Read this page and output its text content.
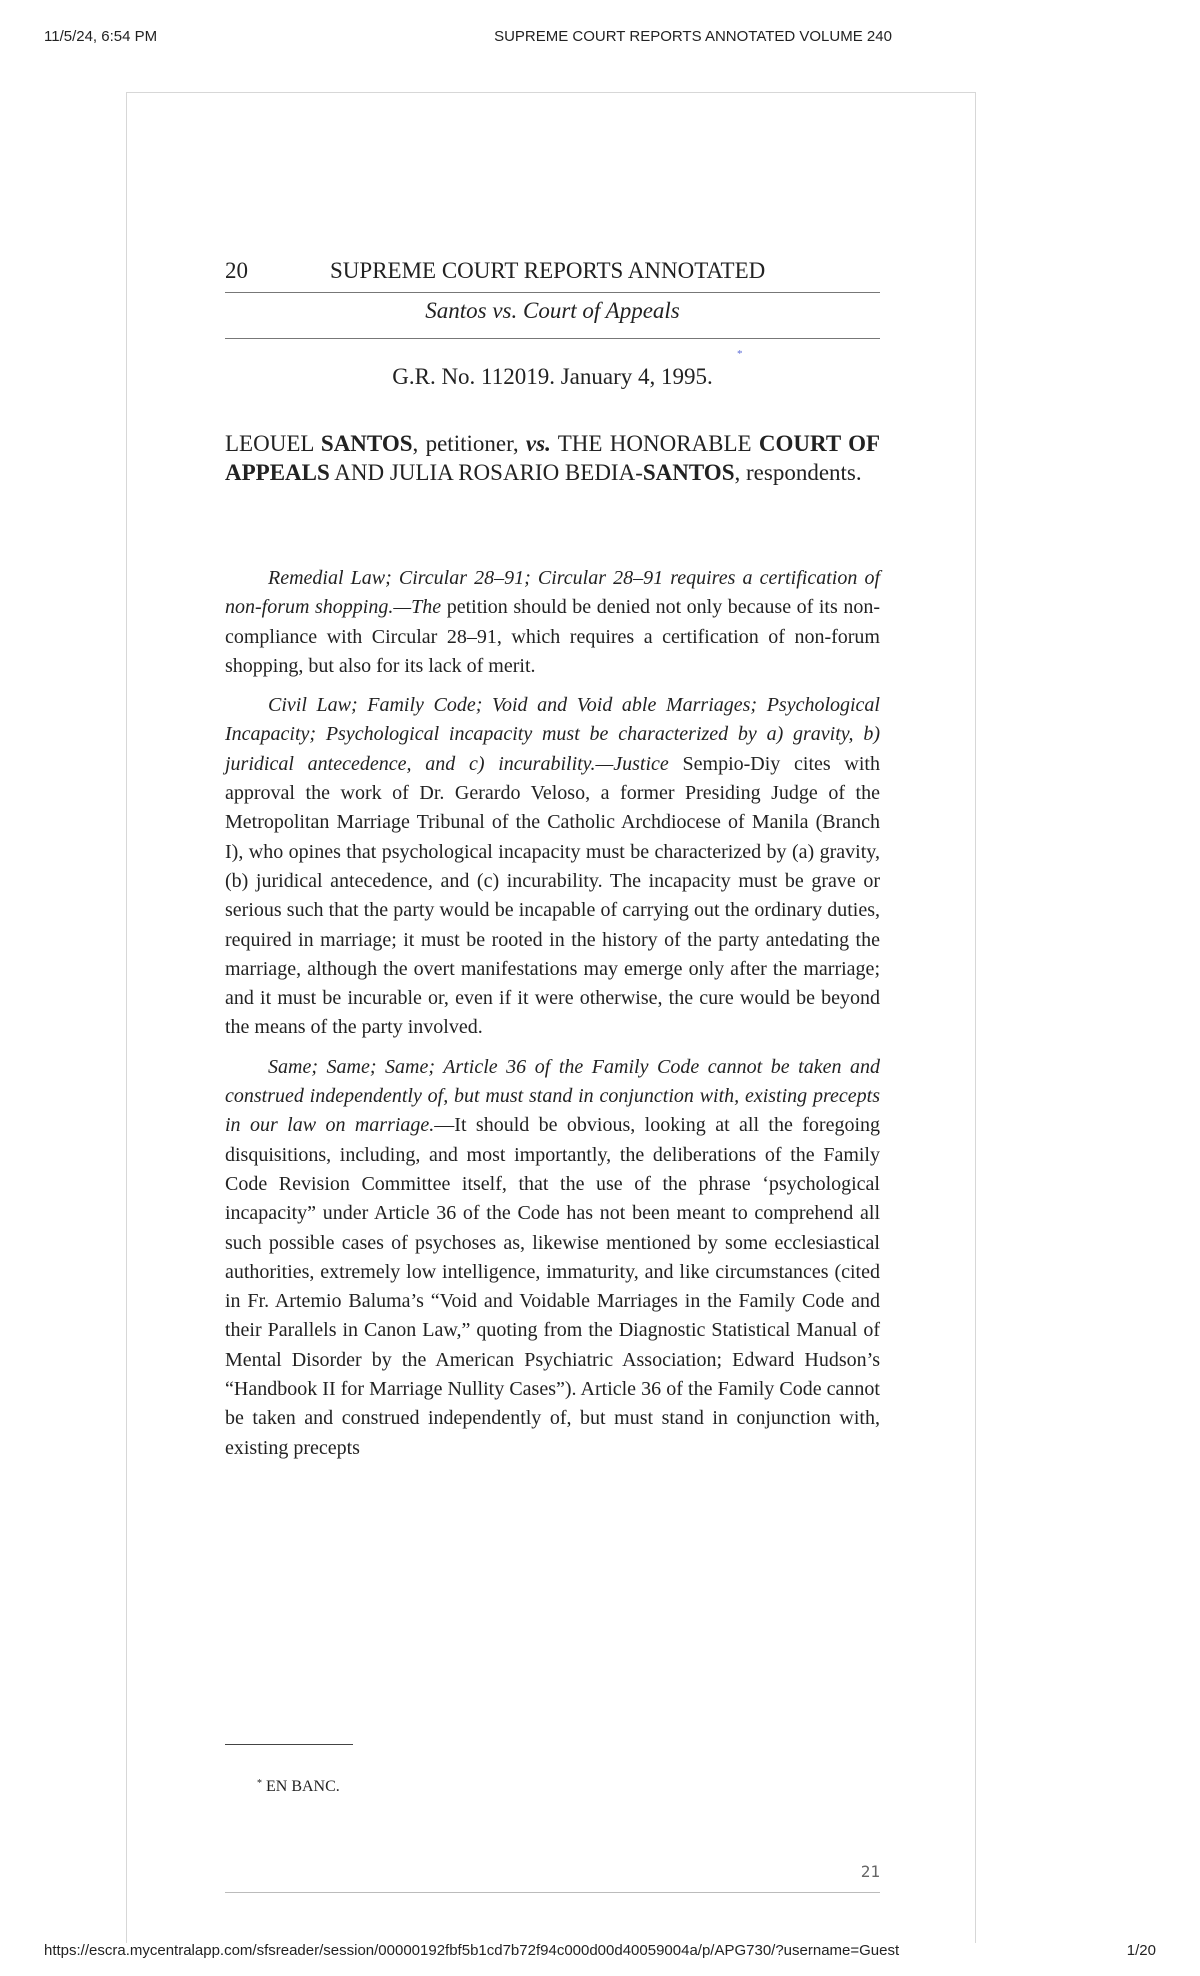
11/5/24, 6:54 PM	SUPREME COURT REPORTS ANNOTATED VOLUME 240
20	SUPREME COURT REPORTS ANNOTATED
Santos vs. Court of Appeals
*
G.R. No. 112019. January 4, 1995.

LEOUEL SANTOS, petitioner, vs. THE HONORABLE COURT OF APPEALS AND JULIA ROSARIO BEDIA-SANTOS, respondents.

Remedial Law; Circular 28–91; Circular 28–91 requires a certification of non-forum shopping.—The petition should be denied not only because of its non-compliance with Circular 28–91, which requires a certification of non-forum shopping, but also for its lack of merit.

Civil Law; Family Code; Void and Void able Marriages; Psychological Incapacity; Psychological incapacity must be characterized by a) gravity, b) juridical antecedence, and c) incurability.—Justice Sempio-Diy cites with approval the work of Dr. Gerardo Veloso, a former Presiding Judge of the Metropolitan Marriage Tribunal of the Catholic Archdiocese of Manila (Branch I), who opines that psychological incapacity must be characterized by (a) gravity, (b) juridical antecedence, and (c) incurability. The incapacity must be grave or serious such that the party would be incapable of carrying out the ordinary duties, required in marriage; it must be rooted in the history of the party antedating the marriage, although the overt manifestations may emerge only after the marriage; and it must be incurable or, even if it were otherwise, the cure would be beyond the means of the party involved.

Same; Same; Same; Article 36 of the Family Code cannot be taken and construed independently of, but must stand in conjunction with, existing precepts in our law on marriage.—It should be obvious, looking at all the foregoing disquisitions, including, and most importantly, the deliberations of the Family Code Revision Committee itself, that the use of the phrase ‘psychological incapacity” under Article 36 of the Code has not been meant to comprehend all such possible cases of psychoses as, likewise mentioned by some ecclesiastical authorities, extremely low intelligence, immaturity, and like circumstances (cited in Fr. Artemio Baluma’s “Void and Voidable Marriages in the Family Code and their Parallels in Canon Law,” quoting from the Diagnostic Statistical Manual of Mental Disorder by the American Psychiatric Association; Edward Hudson’s “Handbook II for Marriage Nullity Cases”). Article 36 of the Family Code cannot be taken and construed independently of, but must stand in conjunction with, existing precepts

* EN BANC.
21
https://escra.mycentralapp.com/sfsreader/session/00000192fbf5b1cd7b72f94c000d00d40059004a/p/APG730/?username=Guest	1/20
